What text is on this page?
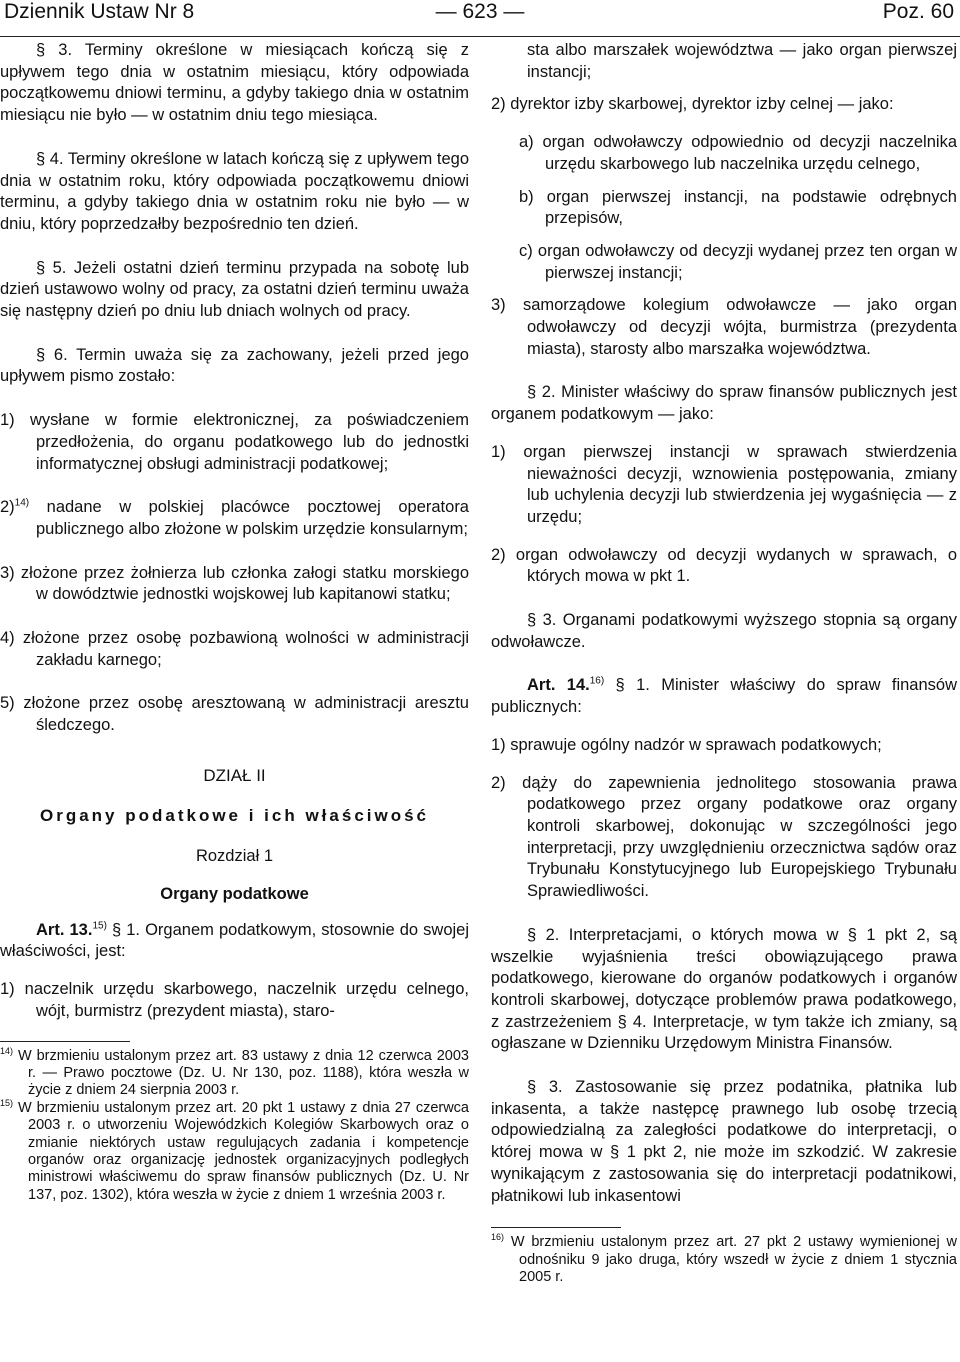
Dziennik Ustaw Nr 8	— 623 —	Poz. 60

§ 3. Terminy określone w miesiącach kończą się z upływem tego dnia w ostatnim miesiącu, który odpowiada początkowemu dniowi terminu, a gdyby takiego dnia w ostatnim miesiącu nie było — w ostatnim dniu tego miesiąca.

§ 4. Terminy określone w latach kończą się z upływem tego dnia w ostatnim roku, który odpowiada początkowemu dniowi terminu, a gdyby takiego dnia w ostatnim roku nie było — w dniu, który poprzedzałby bezpośrednio ten dzień.

§ 5. Jeżeli ostatni dzień terminu przypada na sobotę lub dzień ustawowo wolny od pracy, za ostatni dzień terminu uważa się następny dzień po dniu lub dniach wolnych od pracy.

§ 6. Termin uważa się za zachowany, jeżeli przed jego upływem pismo zostało:

1) wysłane w formie elektronicznej, za poświadczeniem przedłożenia, do organu podatkowego lub do jednostki informatycznej obsługi administracji podatkowej;

2)$^{14)}$ nadane w polskiej placówce pocztowej operatora publicznego albo złożone w polskim urzędzie konsularnym;

3) złożone przez żołnierza lub członka załogi statku morskiego w dowództwie jednostki wojskowej lub kapitanowi statku;

4) złożone przez osobę pozbawioną wolności w administracji zakładu karnego;

5) złożone przez osobę aresztowaną w administracji aresztu śledczego.

DZIAŁ II

Organy podatkowe i ich właściwość

Rozdział 1

Organy podatkowe

Art. 13.$^{15)}$ § 1. Organem podatkowym, stosownie do swojej właściwości, jest:

1) naczelnik urzędu skarbowego, naczelnik urzędu celnego, wójt, burmistrz (prezydent miasta), staro-

$^{14)}$ W brzmieniu ustalonym przez art. 83 ustawy z dnia 12 czerwca 2003 r. — Prawo pocztowe (Dz. U. Nr 130, poz. 1188), która weszła w życie z dniem 24 sierpnia 2003 r.

$^{15)}$ W brzmieniu ustalonym przez art. 20 pkt 1 ustawy z dnia 27 czerwca 2003 r. o utworzeniu Wojewódzkich Kolegiów Skarbowych oraz o zmianie niektórych ustaw regulujących zadania i kompetencje organów oraz organizację jednostek organizacyjnych podległych ministrowi właściwemu do spraw finansów publicznych (Dz. U. Nr 137, poz. 1302), która weszła w życie z dniem 1 września 2003 r.

sta albo marszałek województwa — jako organ pierwszej instancji;

2) dyrektor izby skarbowej, dyrektor izby celnej — jako:

a) organ odwoławczy odpowiednio od decyzji naczelnika urzędu skarbowego lub naczelnika urzędu celnego,

b) organ pierwszej instancji, na podstawie odrębnych przepisów,

c) organ odwoławczy od decyzji wydanej przez ten organ w pierwszej instancji;

3) samorządowe kolegium odwoławcze — jako organ odwoławczy od decyzji wójta, burmistrza (prezydenta miasta), starosty albo marszałka województwa.

§ 2. Minister właściwy do spraw finansów publicznych jest organem podatkowym — jako:

1) organ pierwszej instancji w sprawach stwierdzenia nieważności decyzji, wznowienia postępowania, zmiany lub uchylenia decyzji lub stwierdzenia jej wygaśnięcia — z urzędu;

2) organ odwoławczy od decyzji wydanych w sprawach, o których mowa w pkt 1.

§ 3. Organami podatkowymi wyższego stopnia są organy odwoławcze.

Art. 14.$^{16)}$ § 1. Minister właściwy do spraw finansów publicznych:

1) sprawuje ogólny nadzór w sprawach podatkowych;

2) dąży do zapewnienia jednolitego stosowania prawa podatkowego przez organy podatkowe oraz organy kontroli skarbowej, dokonując w szczególności jego interpretacji, przy uwzględnieniu orzecznictwa sądów oraz Trybunału Konstytucyjnego lub Europejskiego Trybunału Sprawiedliwości.

§ 2. Interpretacjami, o których mowa w § 1 pkt 2, są wszelkie wyjaśnienia treści obowiązującego prawa podatkowego, kierowane do organów podatkowych i organów kontroli skarbowej, dotyczące problemów prawa podatkowego, z zastrzeżeniem § 4. Interpretacje, w tym także ich zmiany, są ogłaszane w Dzienniku Urzędowym Ministra Finansów.

§ 3. Zastosowanie się przez podatnika, płatnika lub inkasenta, a także następcę prawnego lub osobę trzecią odpowiedzialną za zaległości podatkowe do interpretacji, o której mowa w § 1 pkt 2, nie może im szkodzić. W zakresie wynikającym z zastosowania się do interpretacji podatnikowi, płatnikowi lub inkasentowi

$^{16)}$ W brzmieniu ustalonym przez art. 27 pkt 2 ustawy wymienionej w odnośniku 9 jako druga, który wszedł w życie z dniem 1 stycznia 2005 r.
